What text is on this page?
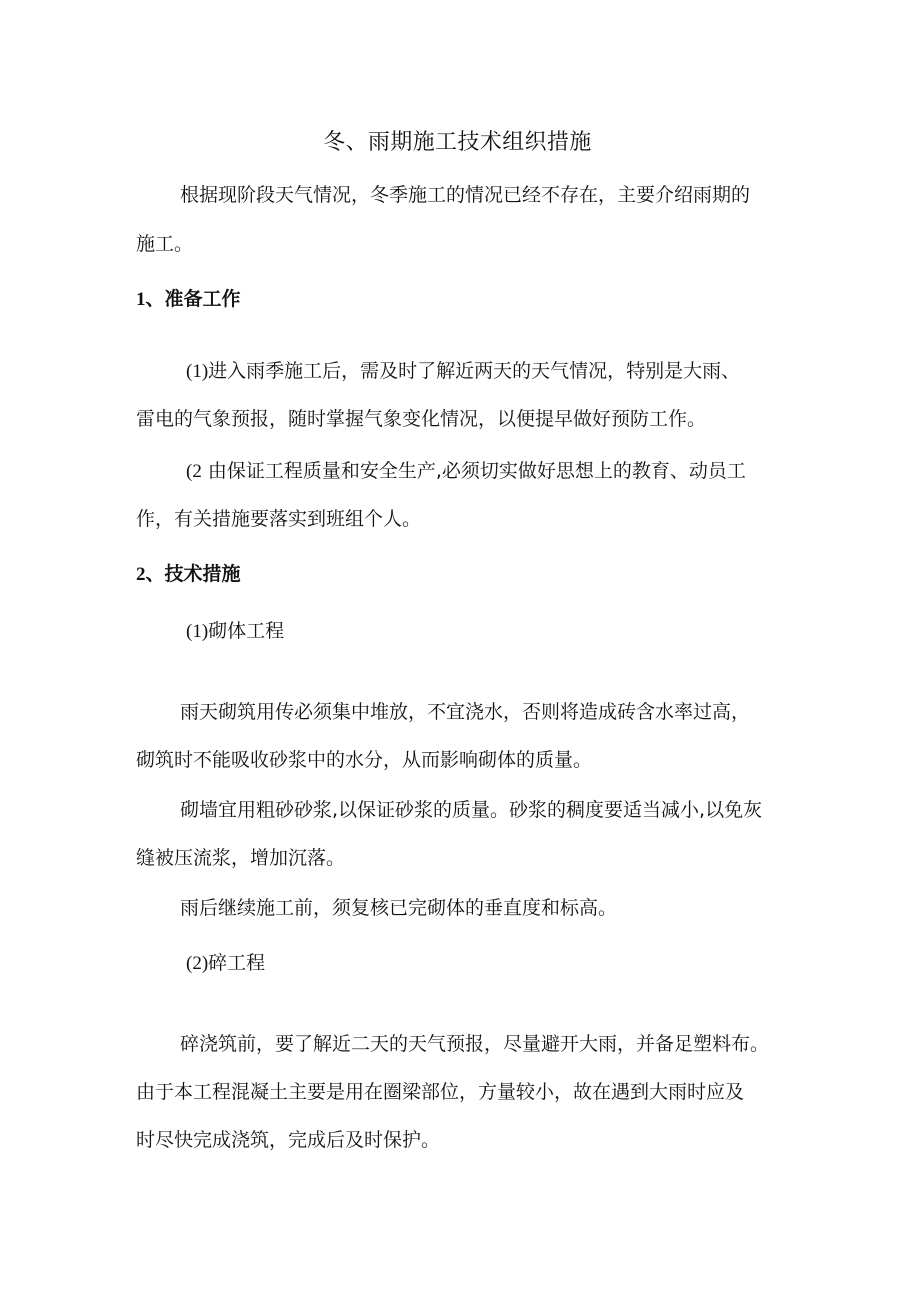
冬、雨期施工技术组织措施
根据现阶段天气情况，冬季施工的情况已经不存在，主要介绍雨期的
施工。
1、准备工作
(1)进入雨季施工后，需及时了解近两天的天气情况，特别是大雨、
雷电的气象预报，随时掌握气象变化情况，以便提早做好预防工作。
(2 由保证工程质量和安全生产,必须切实做好思想上的教育、动员工
作，有关措施要落实到班组个人。
2、技术措施
(1)砌体工程
雨天砌筑用传必须集中堆放，不宜浇水，否则将造成砖含水率过高，
砌筑时不能吸收砂浆中的水分，从而影响砌体的质量。
砌墙宜用粗砂砂浆,以保证砂浆的质量。砂浆的稠度要适当减小,以免灰
缝被压流浆，增加沉落。
雨后继续施工前，须复核已完砌体的垂直度和标高。
(2)碎工程
碎浇筑前，要了解近二天的天气预报，尽量避开大雨，并备足塑料布。
由于本工程混凝土主要是用在圈梁部位，方量较小，故在遇到大雨时应及
时尽快完成浇筑，完成后及时保护。
